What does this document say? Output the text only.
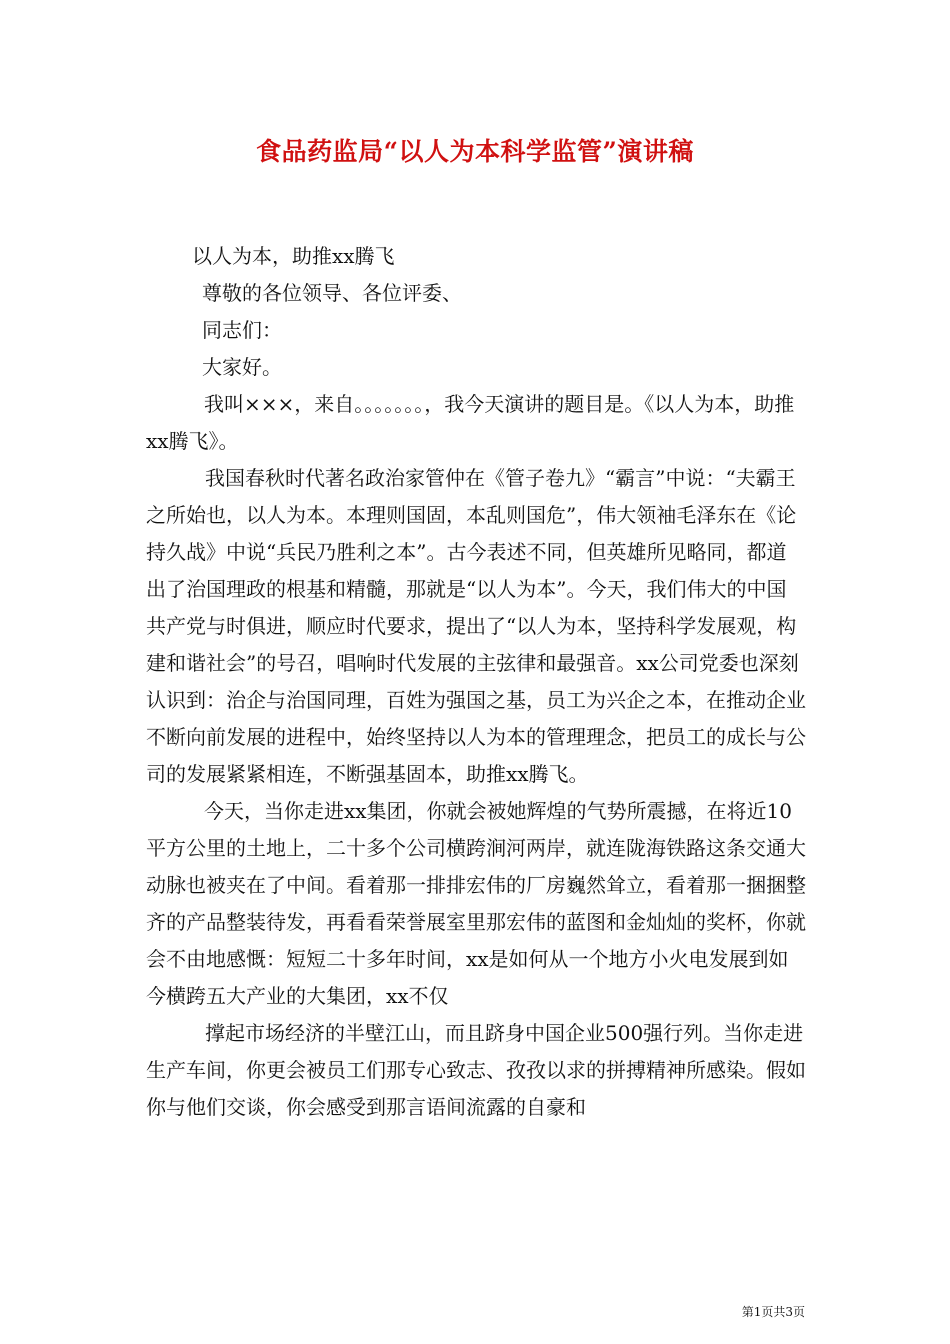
食品药监局“以人为本科学监管”演讲稿

以人为本，助推xx腾飞

尊敬的各位领导、各位评委、

同志们：

大家好。

我叫×××，来自。。。。。。。，我今天演讲的题目是。《以人为本，助推xx腾飞》。

我国春秋时代著名政治家管仲在《管子卷九》“霸言”中说：“夫霸王之所始也，以人为本。本理则国固，本乱则国危”，伟大领袖毛泽东在《论持久战》中说“兵民乃胜利之本”。古今表述不同，但英雄所见略同，都道出了治国理政的根基和精髓，那就是“以人为本”。今天，我们伟大的中国共产党与时俱进，顺应时代要求，提出了“以人为本，坚持科学发展观，构建和谐社会”的号召，唱响时代发展的主弦律和最强音。xx公司党委也深刻认识到：治企与治国同理，百姓为强国之基，员工为兴企之本，在推动企业不断向前发展的进程中，始终坚持以人为本的管理理念，把员工的成长与公司的发展紧紧相连，不断强基固本，助推xx腾飞。

今天，当你走进xx集团，你就会被她辉煌的气势所震撼，在将近10平方公里的土地上，二十多个公司横跨涧河两岸，就连陇海铁路这条交通大动脉也被夹在了中间。看着那一排排宏伟的厂房巍然耸立，看着那一捆捆整齐的产品整装待发，再看看荣誉展室里那宏伟的蓝图和金灿灿的奖杯，你就会不由地感慨：短短二十多年时间，xx是如何从一个地方小火电发展到如今横跨五大产业的大集团，xx不仅

撑起市场经济的半壁江山，而且跻身中国企业500强行列。当你走进生产车间，你更会被员工们那专心致志、孜孜以求的拼搏精神所感染。假如你与他们交谈，你会感受到那言语间流露的自豪和

第1页共3页
